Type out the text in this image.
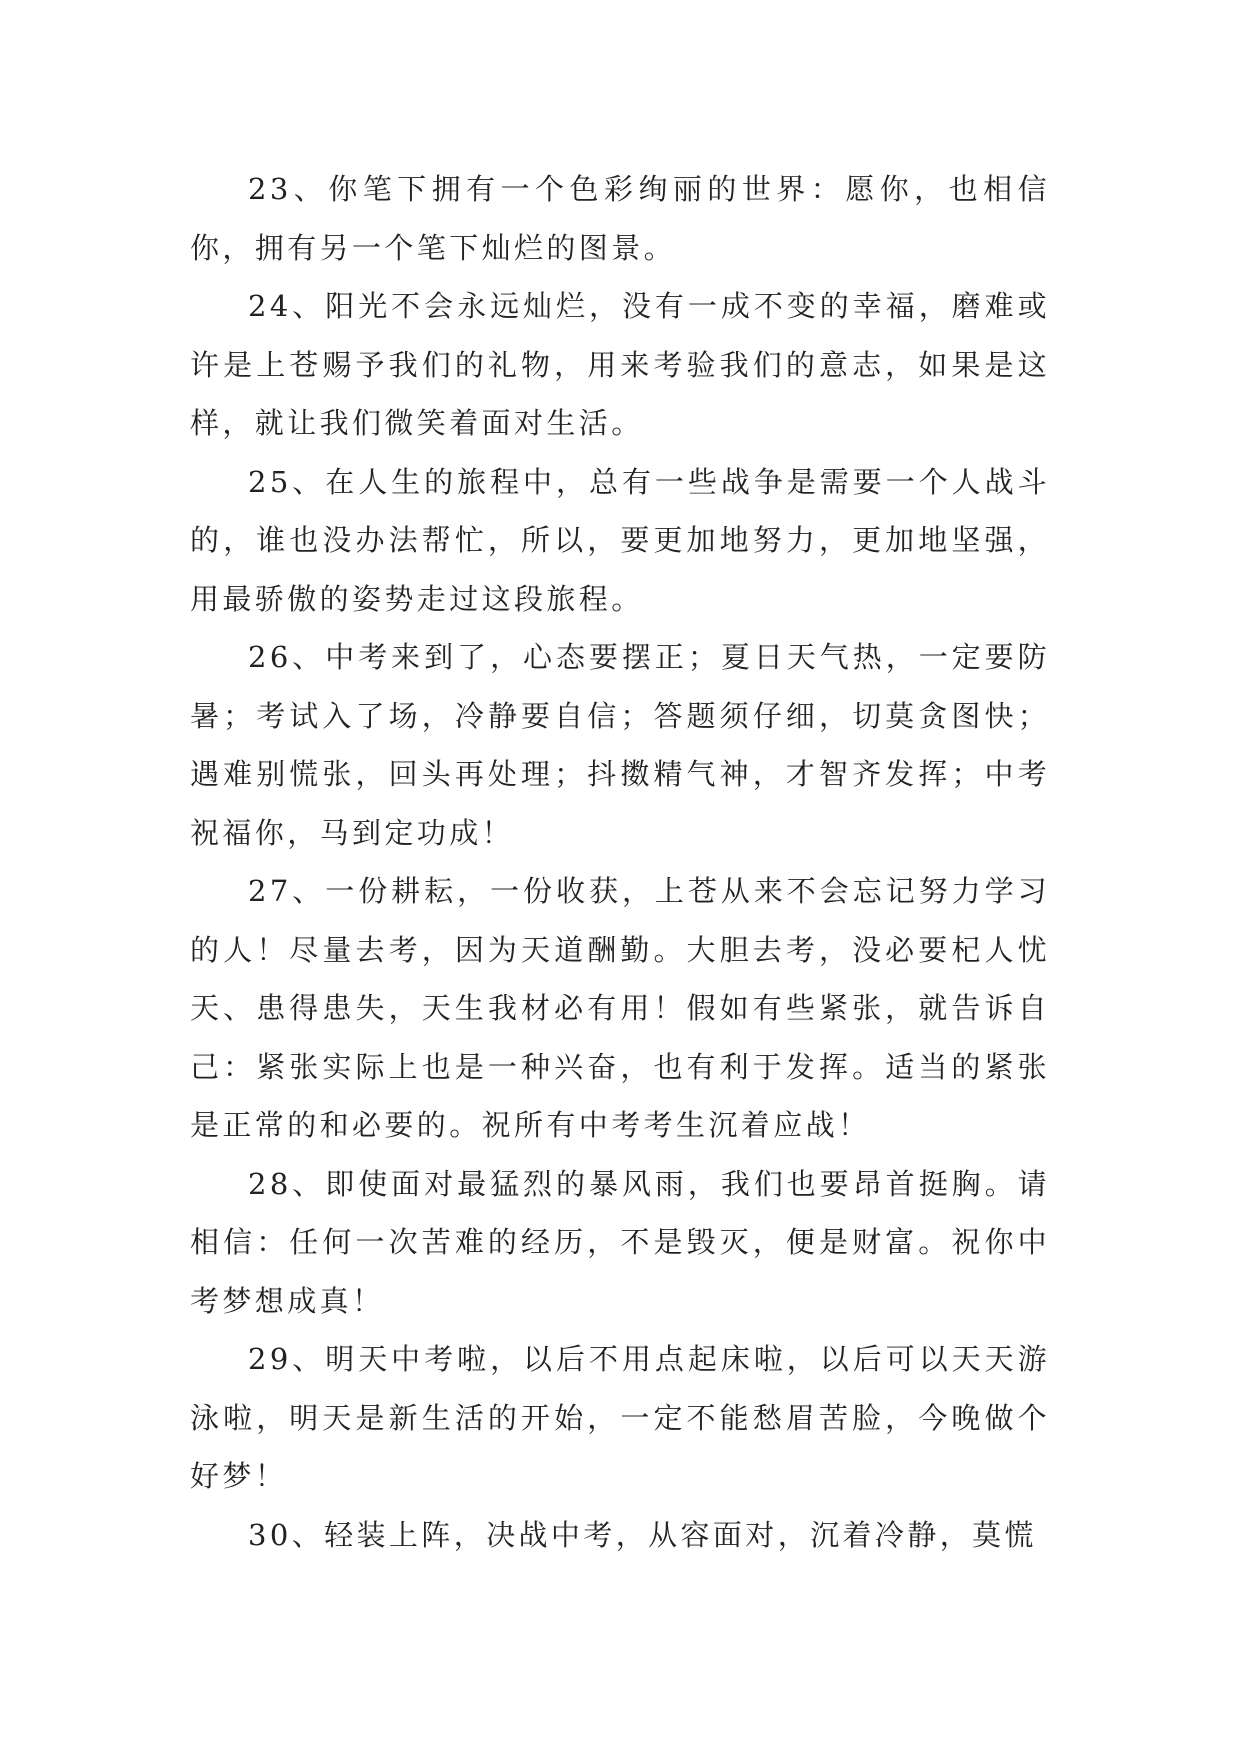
23、你笔下拥有一个色彩绚丽的世界：愿你，也相信你，拥有另一个笔下灿烂的图景。

24、阳光不会永远灿烂，没有一成不变的幸福，磨难或许是上苍赐予我们的礼物，用来考验我们的意志，如果是这样，就让我们微笑着面对生活。

25、在人生的旅程中，总有一些战争是需要一个人战斗的，谁也没办法帮忙，所以，要更加地努力，更加地坚强，用最骄傲的姿势走过这段旅程。

26、中考来到了，心态要摆正；夏日天气热，一定要防暑；考试入了场，冷静要自信；答题须仔细，切莫贪图快；遇难别慌张，回头再处理；抖擞精气神，才智齐发挥；中考祝福你，马到定功成！

27、一份耕耘，一份收获，上苍从来不会忘记努力学习的人！尽量去考，因为天道酬勤。大胆去考，没必要杞人忧天、患得患失，天生我材必有用！假如有些紧张，就告诉自己：紧张实际上也是一种兴奋，也有利于发挥。适当的紧张是正常的和必要的。祝所有中考考生沉着应战！

28、即使面对最猛烈的暴风雨，我们也要昂首挺胸。请相信：任何一次苦难的经历，不是毁灭，便是财富。祝你中考梦想成真！

29、明天中考啦，以后不用点起床啦，以后可以天天游泳啦，明天是新生活的开始，一定不能愁眉苦脸，今晚做个好梦！

30、轻装上阵，决战中考，从容面对，沉着冷静，莫慌
